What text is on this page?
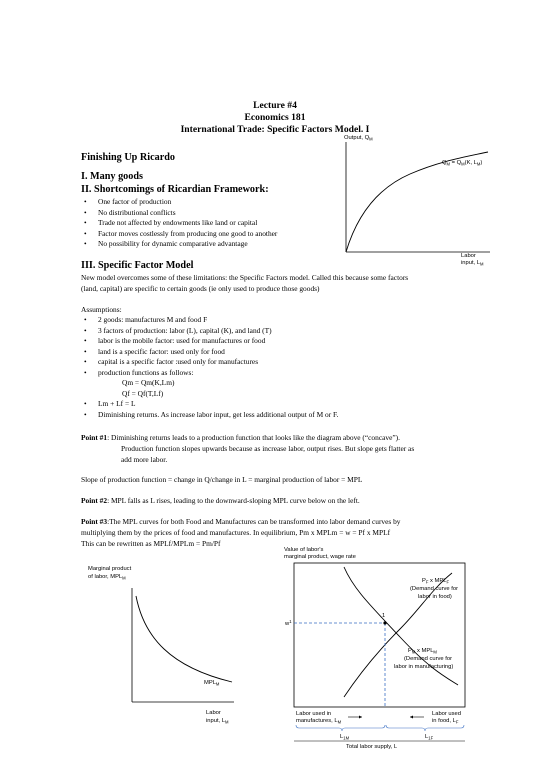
Lecture #4
Economics 181
International Trade: Specific Factors Model. I
Output, $Q_M$
$Q_M = Q_M(K$, $L_M$)
Labor
input, $L_M$
Finishing Up Ricardo
I. Many goods
II. Shortcomings of Ricardian Framework:
• One factor of production
• No distributional conflicts
• Trade not affected by endowments like land or capital
• Factor moves costlessly from producing one good to another
• No possibility for dynamic comparative advantage
III. Specific Factor Model
New model overcomes some of these limitations: the Specific Factors model. Called this because some factors
(land, capital) are specific to certain goods (ie only used to produce those goods)
Assumptions:
• 2 goods: manufactures M and food F
• 3 factors of production: labor (L), capital (K), and land (T)
• labor is the mobile factor: used for manufactures or food
• land is a specific factor: used only for food
• capital is a specific factor :used only for manufactures
• production functions as follows:
Qm = Qm(K,Lm)
Qf = Qf(T,Lf)
• Lm + Lf = L
• Diminishing returns. As increase labor input, get less additional output of M or F.
Point #1: Diminishing returns leads to a production function that looks like the diagram above (“concave”).
Production function slopes upwards because as increase labor, output rises. But slope gets flatter as
add more labor.
Slope of production function = change in Q/change in L = marginal production of labor = MPL
Point #2: MPL falls as L rises, leading to the downward-sloping MPL curve below on the left.
Point #3:The MPL curves for both Food and Manufactures can be transformed into labor demand curves by
multiplying them by the prices of food and manufactures. In equilibrium, Pm x MPLm = w = Pf x MPLf
This can be rewritten as MPLf/MPLm = Pm/Pf
Marginal product
of labor, $MPL_M$
$MPL_M$
Labor
input, $L_M$
Value of labor's
marginal product, wage rate
1
$w^1$
$P_F$ x $MPL_F$
(Demand curve for
labor in food)
$P_M$ x $MPL_M$
(Demand curve for
labor in manufacturing)
Labor used in
manufactures, $L_M$
Labor used
in food, $L_F$
$L_1M$	$L_1F$
Total labor supply, L
